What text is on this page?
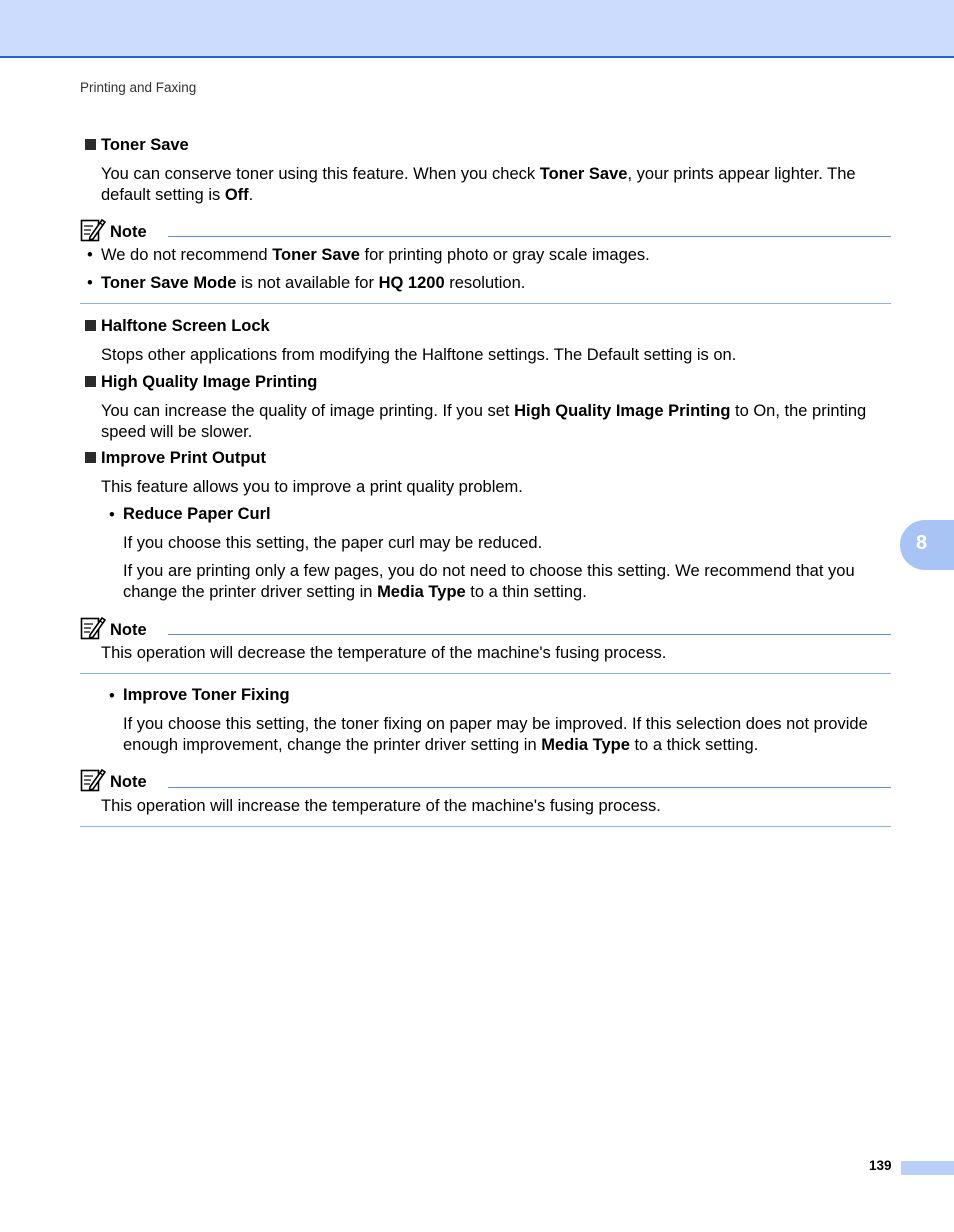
Printing and Faxing
Toner Save
You can conserve toner using this feature. When you check Toner Save, your prints appear lighter. The
default setting is Off.
Note
• We do not recommend Toner Save for printing photo or gray scale images.
• Toner Save Mode is not available for HQ 1200 resolution.
Halftone Screen Lock
Stops other applications from modifying the Halftone settings. The Default setting is on.
High Quality Image Printing
You can increase the quality of image printing. If you set High Quality Image Printing to On, the printing
speed will be slower.
Improve Print Output
This feature allows you to improve a print quality problem.
• Reduce Paper Curl
If you choose this setting, the paper curl may be reduced.
If you are printing only a few pages, you do not need to choose this setting. We recommend that you
change the printer driver setting in Media Type to a thin setting.
Note
This operation will decrease the temperature of the machine's fusing process.
• Improve Toner Fixing
If you choose this setting, the toner fixing on paper may be improved. If this selection does not provide
enough improvement, change the printer driver setting in Media Type to a thick setting.
Note
This operation will increase the temperature of the machine's fusing process.
8
139
